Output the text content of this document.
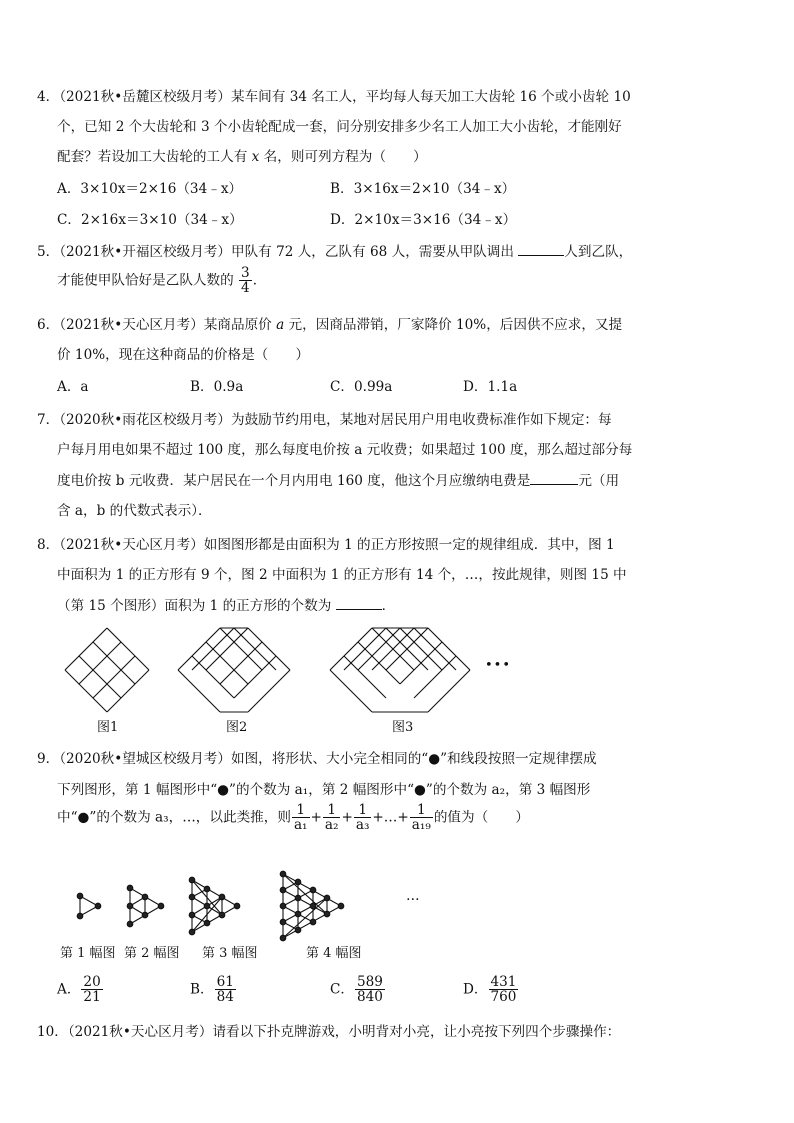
4．（2021秋•岳麓区校级月考）某车间有 34 名工人，平均每人每天加工大齿轮 16 个或小齿轮 10
个，已知 2 个大齿轮和 3 个小齿轮配成一套，问分别安排多少名工人加工大小齿轮，才能刚好
配套？若设加工大齿轮的工人有 x 名，则可列方程为（　　）
A．3×10x＝2×16（34﹣x）	B．3×16x＝2×10（34﹣x）
C．2×16x＝3×10（34﹣x）	D．2×10x＝3×16（34﹣x）
5．（2021秋•开福区校级月考）甲队有 72 人，乙队有 68 人，需要从甲队调出	人到乙队，
才能使甲队恰好是乙队人数的 $\frac{3}{4}$ ．
6．（2021秋•天心区月考）某商品原价 a 元，因商品滞销，厂家降价 10%，后因供不应求，又提
价 10%，现在这种商品的价格是（　　）
A．a	B．0.9a	C．0.99a	D．1.1a
7．（2020秋•雨花区校级月考）为鼓励节约用电，某地对居民用户用电收费标准作如下规定：每
户每月用电如果不超过 100 度，那么每度电价按 a 元收费；如果超过 100 度，那么超过部分每
度电价按 b 元收费．某户居民在一个月内用电 160 度，他这个月应缴纳电费是	元（用
含 a，b 的代数式表示）．
8．（2021秋•天心区月考）如图图形都是由面积为 1 的正方形按照一定的规律组成．其中，图 1
中面积为 1 的正方形有 9 个，图 2 中面积为 1 的正方形有 14 个，…，按此规律，则图 15 中
（第 15 个图形）面积为 1 的正方形的个数为	．
•••
图1	图2	图3
9．（2020秋•望城区校级月考）如图，将形状、大小完全相同的“●”和线段按照一定规律摆成
下列图形，第 1 幅图形中“●”的个数为 a₁，第 2 幅图形中“●”的个数为 a₂，第 3 幅图形
中“●”的个数为 a₃，…，以此类推，则 $\frac{1}{\text{a₁}} + \frac{1}{\text{a₂}} + \frac{1}{\text{a₃}}$ +…+ $\frac{1}{\text{a₁₉}}$ 的值为（　　）
…
第 1 幅图 第 2 幅图 第 3 幅图	第 4 幅图
A． $\frac{20}{21}$	B． $\frac{61}{84}$	C． $\frac{589}{840}$	D． $\frac{431}{760}$
10．（2021秋•天心区月考）请看以下扑克牌游戏，小明背对小亮，让小亮按下列四个步骤操作：
